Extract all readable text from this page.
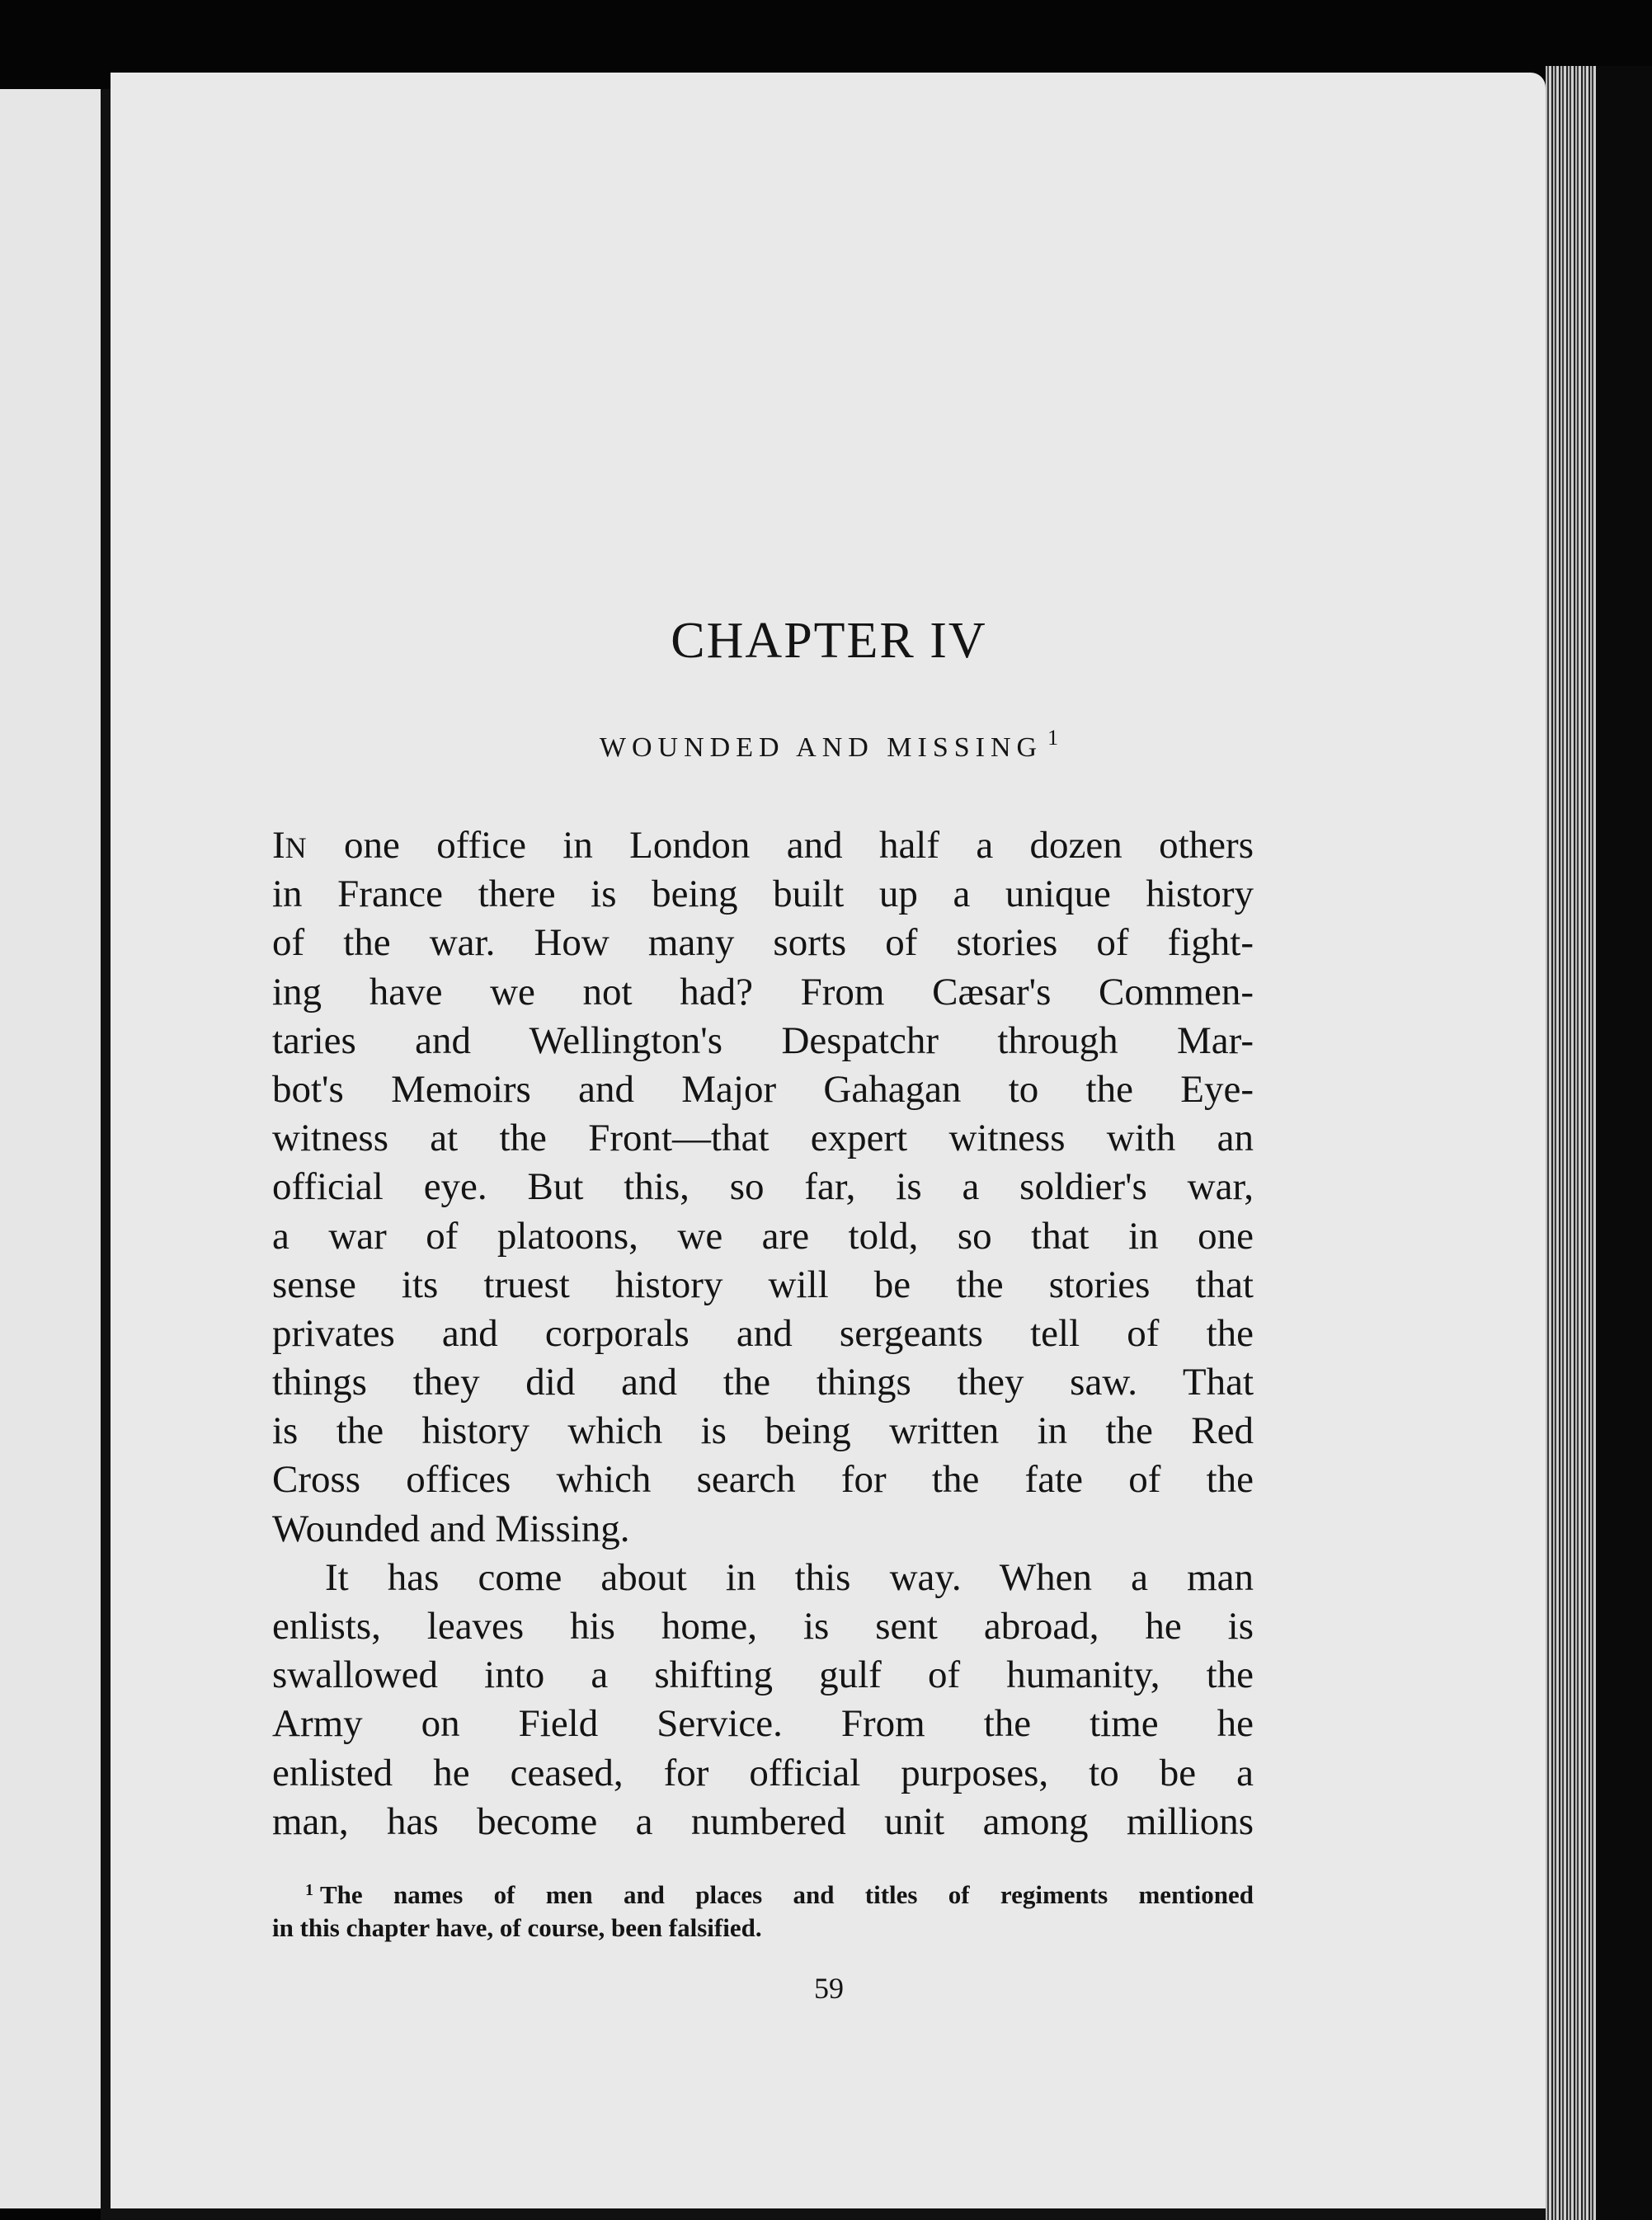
CHAPTER IV
WOUNDED AND MISSING $^1$
IN one office in London and half a dozen others
in France there is being built up a unique history
of the war. How many sorts of stories of fight-
ing have we not had? From Cæsar's Commen-
taries and Wellington's Despatchr through Mar-
bot's Memoirs and Major Gahagan to the Eye-
witness at the Front—that expert witness with an
official eye. But this, so far, is a soldier's war,
a war of platoons, we are told, so that in one
sense its truest history will be the stories that
privates and corporals and sergeants tell of the
things they did and the things they saw. That
is the history which is being written in the Red
Cross offices which search for the fate of the
Wounded and Missing.
It has come about in this way. When a man
enlists, leaves his home, is sent abroad, he is
swallowed into a shifting gulf of humanity, the
Army on Field Service. From the time he
enlisted he ceased, for official purposes, to be a
man, has become a numbered unit among millions
$^1$ The names of men and places and titles of regiments mentioned
in this chapter have, of course, been falsified.
59
